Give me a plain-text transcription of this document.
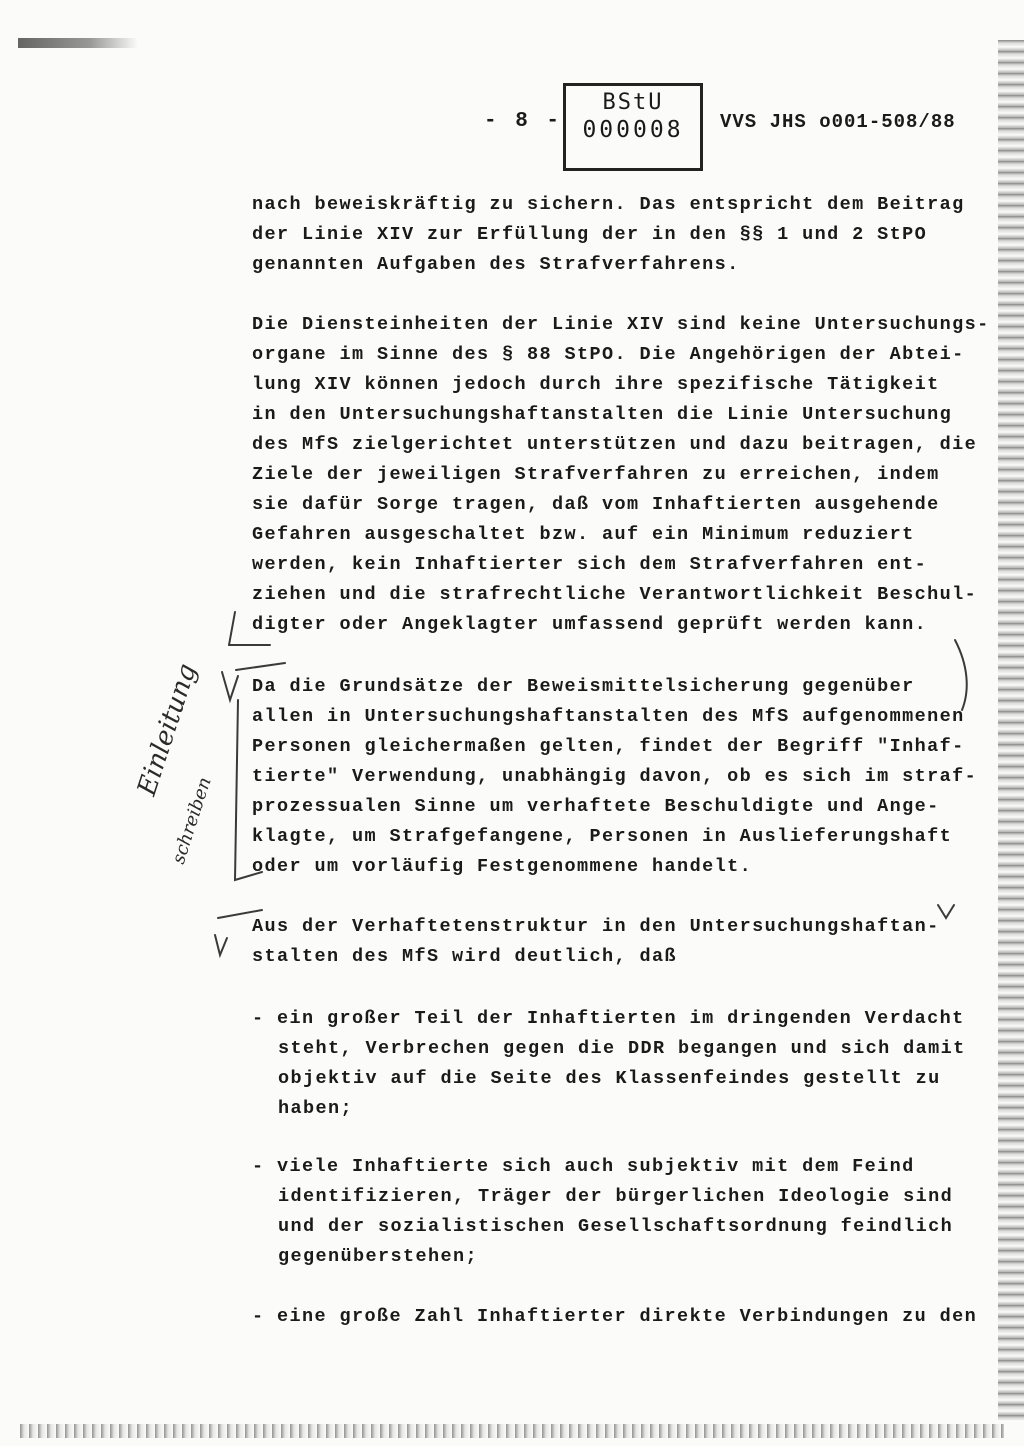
- 8 -
BStU
000008	VVS JHS o001-508/88
nach beweiskräftig zu sichern. Das entspricht dem Beitrag
der Linie XIV zur Erfüllung der in den §§ 1 und 2 StPO
genannten Aufgaben des Strafverfahrens.
Die Diensteinheiten der Linie XIV sind keine Untersuchungs-
organe im Sinne des § 88 StPO. Die Angehörigen der Abtei-
lung XIV können jedoch durch ihre spezifische Tätigkeit
in den Untersuchungshaftanstalten die Linie Untersuchung
des MfS zielgerichtet unterstützen und dazu beitragen, die
Ziele der jeweiligen Strafverfahren zu erreichen, indem
sie dafür Sorge tragen, daß vom Inhaftierten ausgehende
Gefahren ausgeschaltet bzw. auf ein Minimum reduziert
werden, kein Inhaftierter sich dem Strafverfahren ent-
ziehen und die strafrechtliche Verantwortlichkeit Beschul-
digter oder Angeklagter umfassend geprüft werden kann.
Da die Grundsätze der Beweismittelsicherung gegenüber
allen in Untersuchungshaftanstalten des MfS aufgenommenen
Personen gleichermaßen gelten, findet der Begriff "Inhaf-
tierte" Verwendung, unabhängig davon, ob es sich im straf-
prozessualen Sinne um verhaftete Beschuldigte und Ange-
klagte, um Strafgefangene, Personen in Auslieferungshaft
oder um vorläufig Festgenommene handelt.
Aus der Verhaftetenstruktur in den Untersuchungshaftan-
stalten des MfS wird deutlich, daß
- ein großer Teil der Inhaftierten im dringenden Verdacht
steht, Verbrechen gegen die DDR begangen und sich damit
objektiv auf die Seite des Klassenfeindes gestellt zu
haben;
- viele Inhaftierte sich auch subjektiv mit dem Feind
identifizieren, Träger der bürgerlichen Ideologie sind
und der sozialistischen Gesellschaftsordnung feindlich
gegenüberstehen;
- eine große Zahl Inhaftierter direkte Verbindungen zu den
Einleitung
schreiben
